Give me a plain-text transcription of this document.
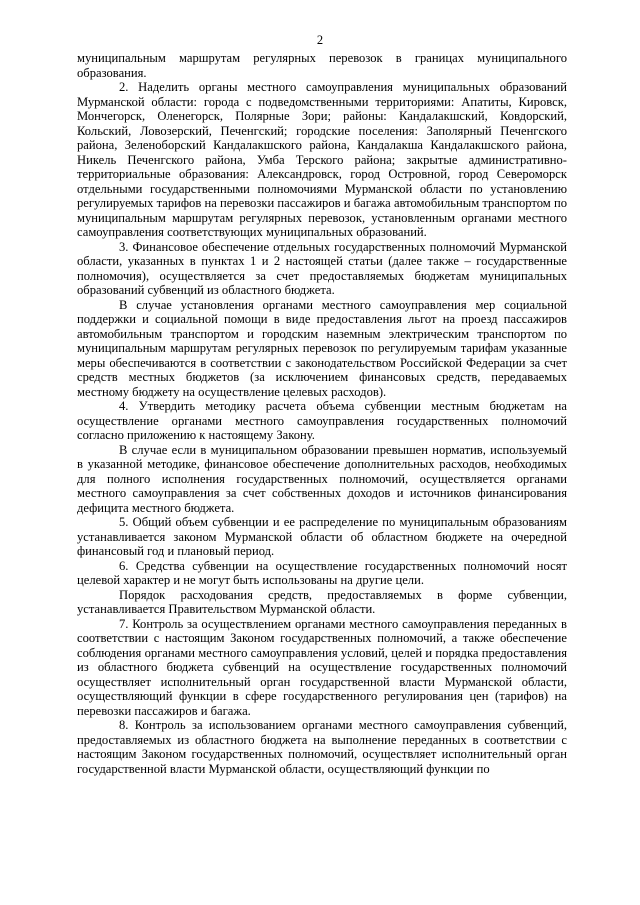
2

муниципальным маршрутам регулярных перевозок в границах муниципального образования.

2. Наделить органы местного самоуправления муниципальных образований Мурманской области: города с подведомственными территориями: Апатиты, Кировск, Мончегорск, Оленегорск, Полярные Зори; районы: Кандалакшский, Ковдорский, Кольский, Ловозерский, Печенгский; городские поселения: Заполярный Печенгского района, Зеленоборский Кандалакшского района, Кандалакша Кандалакшского района, Никель Печенгского района, Умба Терского района; закрытые административно-территориальные образования: Александровск, город Островной, город Североморск отдельными государственными полномочиями Мурманской области по установлению регулируемых тарифов на перевозки пассажиров и багажа автомобильным транспортом по муниципальным маршрутам регулярных перевозок, установленным органами местного самоуправления соответствующих муниципальных образований.

3. Финансовое обеспечение отдельных государственных полномочий Мурманской области, указанных в пунктах 1 и 2 настоящей статьи (далее также – государственные полномочия), осуществляется за счет предоставляемых бюджетам муниципальных образований субвенций из областного бюджета.

В случае установления органами местного самоуправления мер социальной поддержки и социальной помощи в виде предоставления льгот на проезд пассажиров автомобильным транспортом и городским наземным электрическим транспортом по муниципальным маршрутам регулярных перевозок по регулируемым тарифам указанные меры обеспечиваются в соответствии с законодательством Российской Федерации за счет средств местных бюджетов (за исключением финансовых средств, передаваемых местному бюджету на осуществление целевых расходов).

4. Утвердить методику расчета объема субвенции местным бюджетам на осуществление органами местного самоуправления государственных полномочий согласно приложению к настоящему Закону.

В случае если в муниципальном образовании превышен норматив, используемый в указанной методике, финансовое обеспечение дополнительных расходов, необходимых для полного исполнения государственных полномочий, осуществляется органами местного самоуправления за счет собственных доходов и источников финансирования дефицита местного бюджета.

5. Общий объем субвенции и ее распределение по муниципальным образованиям устанавливается законом Мурманской области об областном бюджете на очередной финансовый год и плановый период.

6. Средства субвенции на осуществление государственных полномочий носят целевой характер и не могут быть использованы на другие цели.

Порядок расходования средств, предоставляемых в форме субвенции, устанавливается Правительством Мурманской области.

7. Контроль за осуществлением органами местного самоуправления переданных в соответствии с настоящим Законом государственных полномочий, а также обеспечение соблюдения органами местного самоуправления условий, целей и порядка предоставления из областного бюджета субвенций на осуществление государственных полномочий осуществляет исполнительный орган государственной власти Мурманской области, осуществляющий функции в сфере государственного регулирования цен (тарифов) на перевозки пассажиров и багажа.

8. Контроль за использованием органами местного самоуправления субвенций, предоставляемых из областного бюджета на выполнение переданных в соответствии с настоящим Законом государственных полномочий, осуществляет исполнительный орган государственной власти Мурманской области, осуществляющий функции по
